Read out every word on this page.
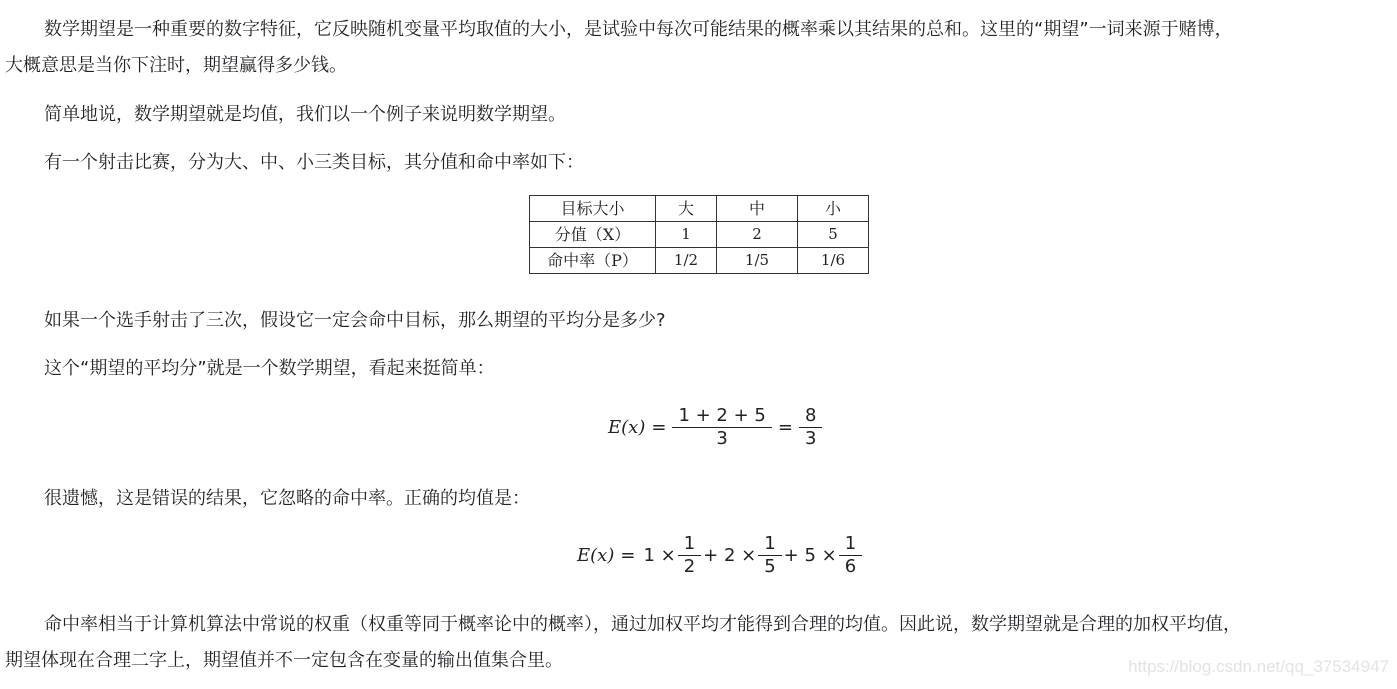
数学期望是一种重要的数字特征，它反映随机变量平均取值的大小，是试验中每次可能结果的概率乘以其结果的总和。这里的“期望”一词来源于赌博，
大概意思是当你下注时，期望赢得多少钱。
简单地说，数学期望就是均值，我们以一个例子来说明数学期望。
有一个射击比赛，分为大、中、小三类目标，其分值和命中率如下：
目标大小	大	中	小
分值（X）	1	2	5
命中率（P）	1/2	1/5	1/6
如果一个选手射击了三次，假设它一定会命中目标，那么期望的平均分是多少?
这个“期望的平均分”就是一个数学期望，看起来挺简单：
$E(x) = \frac{1 + 2 + 5}{3} = \frac{8}{3}$
很遗憾，这是错误的结果，它忽略的命中率。正确的均值是：
$E(x) = 1 \times \frac{1}{2} + 2 \times \frac{1}{5} + 5 \times \frac{1}{6}$
命中率相当于计算机算法中常说的权重（权重等同于概率论中的概率），通过加权平均才能得到合理的均值。因此说，数学期望就是合理的加权平均值，
期望体现在合理二字上，期望值并不一定包含在变量的输出值集合里。	https://blog.csdn.net/qq_37534947
